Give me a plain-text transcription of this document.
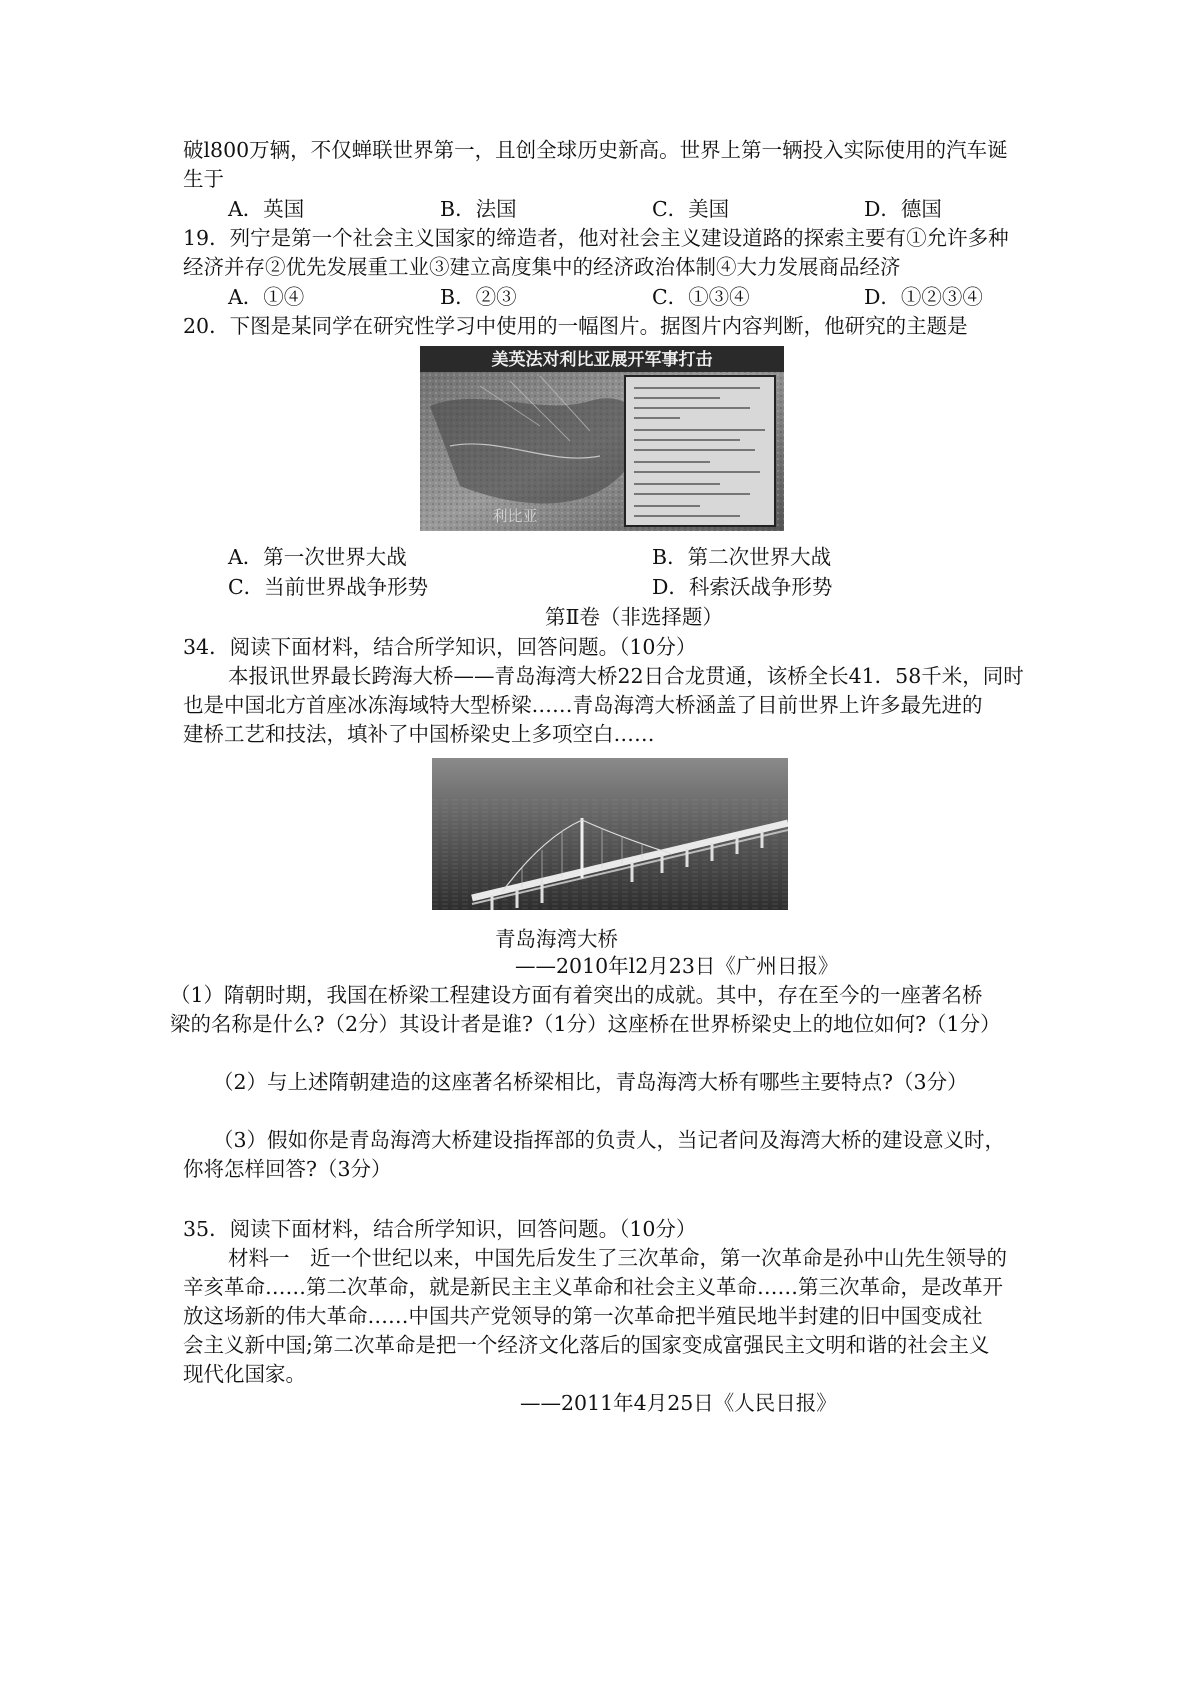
破l800万辆，不仅蝉联世界第一，且创全球历史新高。世界上第一辆投入实际使用的汽车诞
生于
A．英国	B．法国	C．美国	D．德国
19．列宁是第一个社会主义国家的缔造者，他对社会主义建设道路的探索主要有①允许多种
经济并存②优先发展重工业③建立高度集中的经济政治体制④大力发展商品经济
A．①④	B．②③	C．①③④	D．①②③④
20．下图是某同学在研究性学习中使用的一幅图片。据图片内容判断，他研究的主题是
美英法对利比亚展开军事打击
利比亚
A．第一次世界大战	B．第二次世界大战
C．当前世界战争形势	D．科索沃战争形势
第Ⅱ卷（非选择题）
34．阅读下面材料，结合所学知识，回答问题。（10分）
本报讯世界最长跨海大桥——青岛海湾大桥22日合龙贯通，该桥全长41．58千米，同时
也是中国北方首座冰冻海域特大型桥梁……青岛海湾大桥涵盖了目前世界上许多最先进的
建桥工艺和技法，填补了中国桥梁史上多项空白……
青岛海湾大桥
——2010年l2月23日《广州日报》
（1）隋朝时期，我国在桥梁工程建设方面有着突出的成就。其中，存在至今的一座著名桥
梁的名称是什么?（2分）其设计者是谁?（1分）这座桥在世界桥梁史上的地位如何?（1分）
（2）与上述隋朝建造的这座著名桥梁相比，青岛海湾大桥有哪些主要特点?（3分）
（3）假如你是青岛海湾大桥建设指挥部的负责人，当记者问及海湾大桥的建设意义时，
你将怎样回答?（3分）
35．阅读下面材料，结合所学知识，回答问题。（10分）
材料一　近一个世纪以来，中国先后发生了三次革命，第一次革命是孙中山先生领导的
辛亥革命……第二次革命，就是新民主主义革命和社会主义革命……第三次革命，是改革开
放这场新的伟大革命……中国共产党领导的第一次革命把半殖民地半封建的旧中国变成社
会主义新中国;第二次革命是把一个经济文化落后的国家变成富强民主文明和谐的社会主义
现代化国家。
——2011年4月25日《人民日报》
